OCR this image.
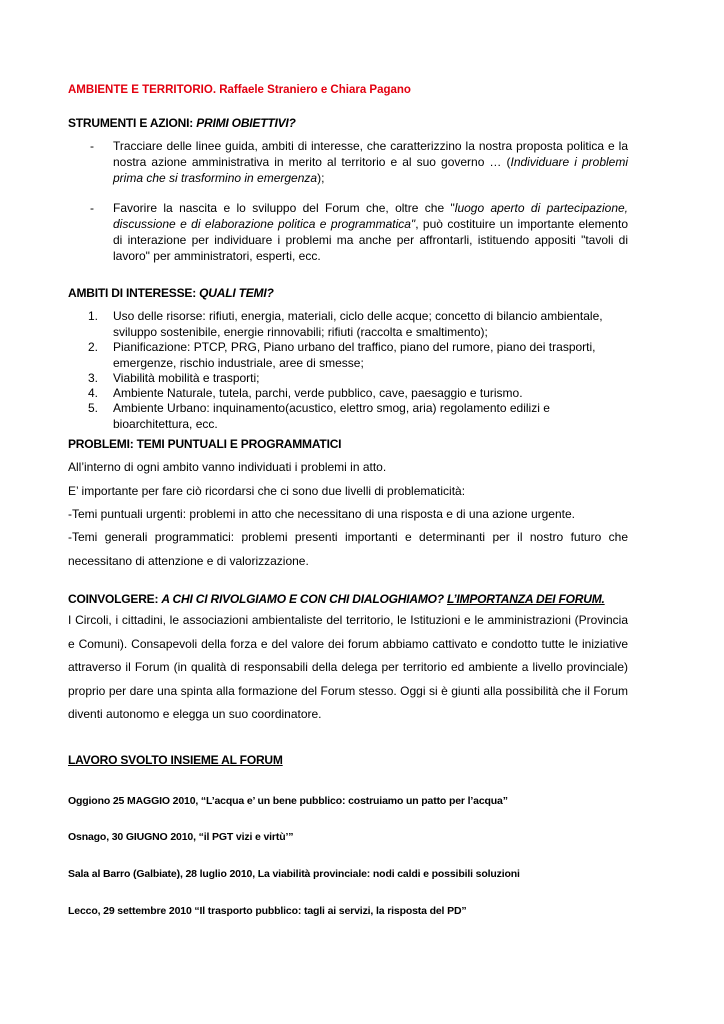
AMBIENTE E TERRITORIO. Raffaele Straniero e Chiara Pagano
STRUMENTI E AZIONI: PRIMI OBIETTIVI?
- Tracciare delle linee guida, ambiti di interesse, che caratterizzino la nostra proposta politica e la nostra azione amministrativa in merito al territorio e al suo governo … (Individuare i problemi prima che si trasformino in emergenza);
- Favorire la nascita e lo sviluppo del Forum che, oltre che "luogo aperto di partecipazione, discussione e di elaborazione politica e programmatica", può costituire un importante elemento di interazione per individuare i problemi ma anche per affrontarli, istituendo appositi "tavoli di lavoro" per amministratori, esperti, ecc.
AMBITI DI INTERESSE: QUALI TEMI?
1. Uso delle risorse: rifiuti, energia, materiali, ciclo delle acque; concetto di bilancio ambientale, sviluppo sostenibile, energie rinnovabili; rifiuti (raccolta e smaltimento);
2. Pianificazione: PTCP, PRG, Piano urbano del traffico, piano del rumore, piano dei trasporti, emergenze, rischio industriale, aree di smesse;
3. Viabilità mobilità e trasporti;
4. Ambiente Naturale, tutela, parchi, verde pubblico, cave, paesaggio e turismo.
5. Ambiente Urbano: inquinamento(acustico, elettro smog, aria) regolamento edilizi e bioarchitettura, ecc.
PROBLEMI: TEMI PUNTUALI E PROGRAMMATICI
All’interno di ogni ambito vanno individuati i problemi in atto.
E’ importante per fare ciò ricordarsi che ci sono due livelli di problematicità:
-Temi puntuali urgenti: problemi in atto che necessitano di una risposta e di una azione urgente.
-Temi generali programmatici: problemi presenti importanti e determinanti per il nostro futuro che necessitano di attenzione e di valorizzazione.
COINVOLGERE: A CHI CI RIVOLGIAMO E CON CHI DIALOGHIAMO? L’IMPORTANZA DEI FORUM.
I Circoli, i cittadini, le associazioni ambientaliste del territorio, le Istituzioni e le amministrazioni (Provincia e Comuni). Consapevoli della forza e del valore dei forum abbiamo cattivato e condotto tutte le iniziative attraverso il Forum (in qualità di responsabili della delega per territorio ed ambiente a livello provinciale) proprio per dare una spinta alla formazione del Forum stesso. Oggi si è giunti alla possibilità che il Forum diventi autonomo e elegga un suo coordinatore.
LAVORO SVOLTO INSIEME AL FORUM
Oggiono 25 MAGGIO 2010, “L’acqua e’ un bene pubblico: costruiamo un patto per l’acqua”
Osnago, 30 GIUGNO 2010, “il PGT vizi e virtù’”
Sala al Barro (Galbiate), 28 luglio 2010, La viabilità provinciale: nodi caldi e possibili soluzioni
Lecco, 29 settembre 2010 “Il trasporto pubblico: tagli ai servizi, la risposta del PD”
